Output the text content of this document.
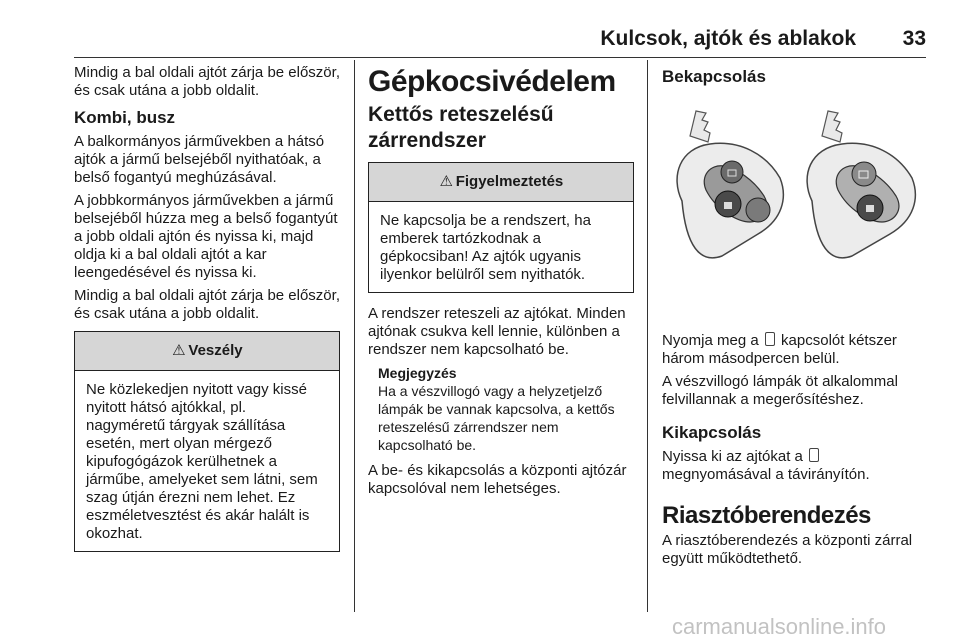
Kulcsok, ajtók és ablakok 33

Mindig a bal oldali ajtót zárja be először, és csak utána a jobb oldalit.

Kombi, busz

A balkormányos járművekben a hátsó ajtók a jármű belsejéből nyithatóak, a belső fogantyú meghúzásával.

A jobbkormányos járművekben a jármű belsejéből húzza meg a belső fogantyút a jobb oldali ajtón és nyissa ki, majd oldja ki a bal oldali ajtót a kar leengedésével és nyissa ki.

Mindig a bal oldali ajtót zárja be először, és csak utána a jobb oldalit.

⚠ Veszély

Ne közlekedjen nyitott vagy kissé nyitott hátsó ajtókkal, pl. nagyméretű tárgyak szállítása esetén, mert olyan mérgező kipufogógázok kerülhetnek a járműbe, amelyeket sem látni, sem szag útján érezni nem lehet. Ez eszméletvesztést és akár halált is okozhat.

Gépkocsivédelem
Kettős reteszelésű zárrendszer
⚠ Figyelmeztetés

Ne kapcsolja be a rendszert, ha emberek tartózkodnak a gépkocsiban! Az ajtók ugyanis ilyenkor belülről sem nyithatók.

A rendszer reteszeli az ajtókat. Minden ajtónak csukva kell lennie, különben a rendszer nem kapcsolható be.

Megjegyzés

Ha a vészvillogó vagy a helyzetjelző lámpák be vannak kapcsolva, a kettős reteszelésű zárrendszer nem kapcsolható be.

A be- és kikapcsolás a központi ajtózár kapcsolóval nem lehetséges.

Bekapcsolás

Nyomja meg a kapcsolót kétszer három másodpercen belül.

A vészvillogó lámpák öt alkalommal felvillannak a megerősítéshez.

Kikapcsolás

Nyissa ki az ajtókat a  megnyomásával a távirányítón.

Riasztóberendezés

A riasztóberendezés a központi zárral együtt működtethető.

carmanualsonline.info
